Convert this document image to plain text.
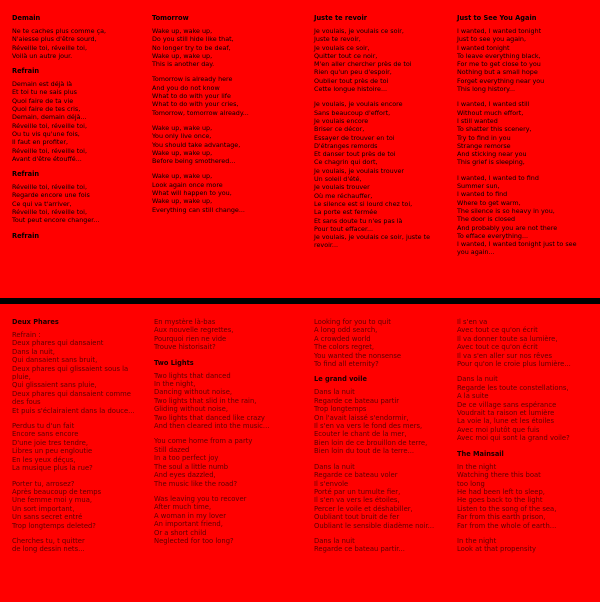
Demain
Ne te caches plus comme ça,
N'aiesse plus d'être sourd,
Réveille toi, réveille toi,
Voilà un autre jour.
Refrain
Demain est déjà là
Et toi tu ne sais plus
Quoi faire de ta vie
Quoi faire de tes cris,
Demain, demain déjà...
Réveille toi, réveille toi,
Ou tu vis qu'une fois,
Il faut en profiter,
Réveille toi, réveille toi,
Avant d'être étouffé...
Refrain
Réveille toi, réveille toi,
Regarde encore une fois
Ce qui va t'arriver,
Réveille toi, réveille toi,
Tout peut encore changer...
Refrain
Tomorrow
Wake up, wake up,
Do you still hide like that,
No longer try to be deaf,
Wake up, wake up,
This is another day.
Tomorrow is already here
And you do not know
What to do with your life
What to do with your cries,
Tomorrow, tomorrow already...
Wake up, wake up,
You only live once,
You should take advantage,
Wake up, wake up,
Before being smothered...
Wake up, wake up,
Look again once more
What will happen to you,
Wake up, wake up,
Everything can still change...
Juste te revoir
Je voulais, je voulais ce soir,
Juste te revoir,
Je voulais ce soir,
Quitter tout ce noir,
M'en aller chercher près de toi
Rien qu'un peu d'espoir,
Oublier tout près de toi
Cette longue histoire...
Je voulais, je voulais encore
Sans beaucoup d'effort,
Je voulais encore
Briser ce décor,
Essayer de trouver en toi
D'étranges remords
Et danser tout près de toi
Ce chagrin qui dort,
Je voulais, je voulais trouver
Un soleil d'été,
Je voulais trouver
Où me réchauffer,
Le silence est si lourd chez toi,
La porte est fermée
Et sans doute tu n'es pas là
Pour tout effacer...
Je voulais, je voulais ce soir, juste te
revoir...
Just to See You Again
I wanted, I wanted tonight
Just to see you again,
I wanted tonight
To leave everything black,
For me to get close to you
Nothing but a small hope
Forget everything near you
This long history...
I wanted, I wanted still
Without much effort,
I still wanted
To shatter this scenery,
Try to find in you
Strange remorse
And sticking near you
This grief is sleeping,
I wanted, I wanted to find
Summer sun,
I wanted to find
Where to get warm,
The silence is so heavy in you,
The door is closed
And probably you are not there
To efface everything...
I wanted, I wanted tonight just to see
you again...
Deux Phares
Refrain :
Deux phares qui dansaient
Dans la nuit,
Qui dansaient sans bruit,
Deux phares qui glissaient sous la
pluie,
Qui glissaient sans pluie,
Deux phares qui dansaient comme
des fous
Et puis s'éclairaient dans la douce...
Perdus tu d'un fait
Encore sans encore
D'une joie tres tendre,
Libres un peu engloutie
En les yeux déçus,
La musique plus la rue?
Porter tu, arrosez?
Après beaucoup de temps
Une femme moi y mua,
Un sort important,
Un sans secret entré
Trop longtemps deleted?
Cherches tu, t quitter
de long dessin nets...
En mystère là-bas
Aux nouvelle regrettes,
Pourquoi rien ne vide
Trouve historisait?
Two Lights
Two lights that danced
In the night,
Dancing without noise,
Two lights that slid in the rain,
Gliding without noise,
Two lights that danced like crazy
And then cleared into the music...
You come home from a party
Still dazed
In a too perfect joy
The soul a little numb
And eyes dazzled,
The music like the road?
Was leaving you to recover
After much time,
A woman in my lover
An important friend,
Or a short child
Neglected for too long?
Looking for you to quit
A long odd search,
A crowded world
The colors regret,
You wanted the nonsense
To find all eternity?
Le grand voile
Dans la nuit
Regarde ce bateau partir
Trop longtemps
On l'avait laissé s'endormir,
Il s'en va vers le fond des mers,
Ecouter le chant de la mer,
Bien loin de ce brouillon de terre,
Bien loin du tout de la terre...
Dans la nuit
Regarde ce bateau voler
Il s'envole
Porté par un tumulte fier,
Il s'en va vers les étoiles,
Percer le voile et déshabiller,
Oubliant tout bruit de fer
Oubliant le sensible diadème noir...
Dans la nuit
Regarde ce bateau partir...
Il s'en va
Avec tout ce qu'on écrit
Il va donner toute sa lumière,
Avec tout ce qu'on écrit
Il va s'en aller sur nos rêves
Pour qu'on le croie plus lumière...
Dans la nuit
Regarde les toute constellations,
A la suite
De ce village sans espérance
Voudrait ta raison et lumière
La voie la, lune et les étoiles
Avec moi plutôt que fuis
Avec moi qui sont la grand voile?
The Mainsail
In the night
Watching there this boat
too long
He had been left to sleep,
He goes back to the light
Listen to the song of the sea,
Far from this earth prison,
Far from the whole of earth...
In the night
Look at that propensity
